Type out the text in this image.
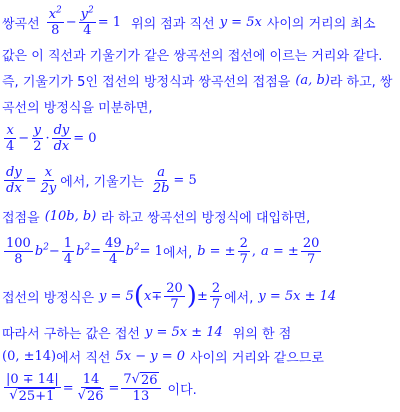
쌍곡선 $\frac{x^2}{8} - \frac{y^2}{4} = 1$ 위의 점과 직선 y = 5x 사이의 거리의 최소
값은 이 직선과 기울기가 같은 쌍곡선의 접선에 이르는 거리와 같다.
즉, 기울기가 5인 접선의 방정식과 쌍곡선의 접점을 (a, b) 라 하고, 쌍
곡선의 방정식을 미분하면,
$\frac{x}{4} - \frac{y}{2} \cdot \frac{dy}{dx} = 0$
$\frac{dy}{dx} = \frac{x}{2y}$ 에서, 기울기는 $\frac{a}{2b} = 5$
접점을 (10b, b) 라 하고 쌍곡선의 방정식에 대입하면,
$\frac{100}{8} b^2 - \frac{1}{4} b^2 = \frac{49}{4} b^2 = 1$ 에서, b = ± $\frac{2}{7}$ , a = ± $\frac{20}{7}$
접선의 방정식은 y = 5 ( $x \mp \frac{20}{7}$ ) ± $\frac{2}{7}$ 에서, y = 5x ± 14
따라서 구하는 값은 접선 y = 5x ± 14 위의 한 점
(0, ±14) 에서 직선 5x − y = 0 사이의 거리와 같으므로
$\frac{|0 \mp 14|}{√ 25+1} = \frac{14}{√ 26} = \frac{7 √ 26}{13}$ 이다.
